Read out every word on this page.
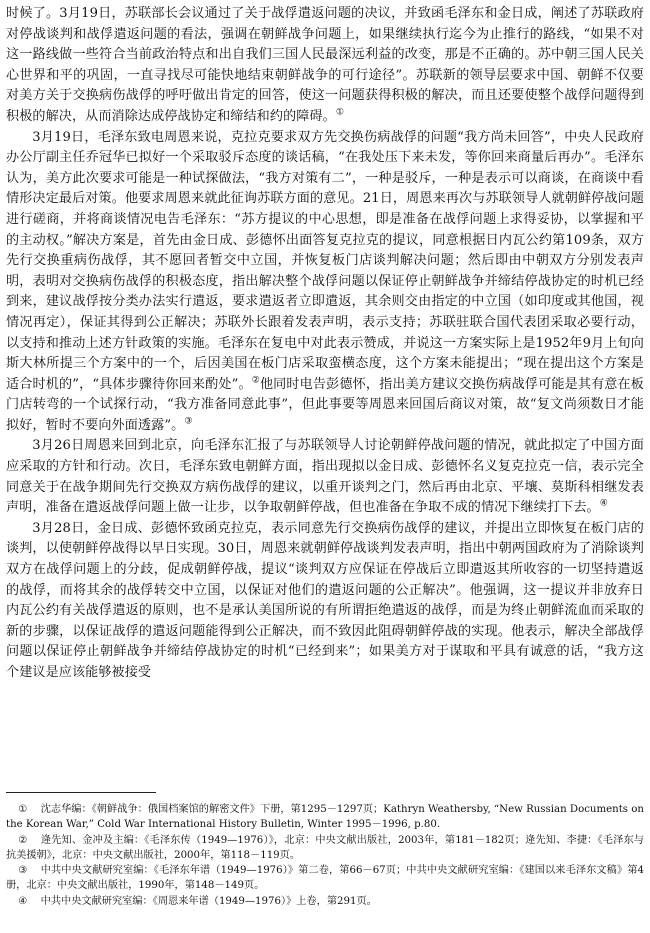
时候了。3月19日，苏联部长会议通过了关于战俘遣返问题的决议，并致函毛泽东和金日成，阐述了苏联政府对停战谈判和战俘遣返问题的看法，强调在朝鲜战争问题上，如果继续执行迄今为止推行的路线，“如果不对这一路线做一些符合当前政治特点和出自我们三国人民最深远利益的改变，那是不正确的。苏中朝三国人民关心世界和平的巩固，一直寻找尽可能快地结束朝鲜战争的可行途径”。苏联新的领导层要求中国、朝鲜不仅要对美方关于交换病伤战俘的呼吁做出肯定的回答，使这一问题获得积极的解决，而且还要使整个战俘问题得到积极的解决，从而消除达成停战协定和缔结和约的障碍。①

3月19日，毛泽东致电周恩来说，克拉克要求双方先交换伤病战俘的问题“我方尚未回答”，中央人民政府办公厅副主任乔冠华已拟好一个采取驳斥态度的谈话稿，“在我处压下来未发，等你回来商量后再办”。毛泽东认为，美方此次要求可能是一种试探做法，“我方对策有二”，一种是驳斥，一种是表示可以商谈，在商谈中看情形决定最后对策。他要求周恩来就此征询苏联方面的意见。21日，周恩来再次与苏联领导人就朝鲜停战问题进行磋商，并将商谈情况电告毛泽东：“苏方提议的中心思想，即是准备在战俘问题上求得妥协，以掌握和平的主动权。”解决方案是，首先由金日成、彭德怀出面答复克拉克的提议，同意根据日内瓦公约第109条，双方先行交换重病伤战俘，其不愿回者暂交中立国，并恢复板门店谈判解决问题；然后即由中朝双方分别发表声明，表明对交换病伤战俘的积极态度，指出解决整个战俘问题以保证停止朝鲜战争并缔结停战协定的时机已经到来，建议战俘按分类办法实行遣返，要求遣返者立即遣返，其余则交由指定的中立国（如印度或其他国，视情况再定），保证其得到公正解决；苏联外长跟着发表声明，表示支持；苏联驻联合国代表团采取必要行动，以支持和推动上述方针政策的实施。毛泽东在复电中对此表示赞成，并说这一方案实际上是1952年9月上旬向斯大林所提三个方案中的一个，后因美国在板门店采取蛮横态度，这个方案未能提出；“现在提出这个方案是适合时机的”，“具体步骤待你回来酌处”。②他同时电告彭德怀，指出美方建议交换伤病战俘可能是其有意在板门店转弯的一个试探行动，“我方准备同意此事”，但此事要等周恩来回国后商议对策，故“复文尚须数日才能拟好，暂时不要向外面透露”。③

3月26日周恩来回到北京，向毛泽东汇报了与苏联领导人讨论朝鲜停战问题的情况，就此拟定了中国方面应采取的方针和行动。次日，毛泽东致电朝鲜方面，指出现拟以金日成、彭德怀名义复克拉克一信，表示完全同意关于在战争期间先行交换双方病伤战俘的建议，以重开谈判之门，然后再由北京、平壤、莫斯科相继发表声明，准备在遣返战俘问题上做一让步，以争取朝鲜停战，但也准备在争取不成的情况下继续打下去。④

3月28日，金日成、彭德怀致函克拉克，表示同意先行交换病伤战俘的建议，并提出立即恢复在板门店的谈判，以使朝鲜停战得以早日实现。30日，周恩来就朝鲜停战谈判发表声明，指出中朝两国政府为了消除谈判双方在战俘问题上的分歧，促成朝鲜停战，提议“谈判双方应保证在停战后立即遣返其所收容的一切坚持遣返的战俘，而将其余的战俘转交中立国，以保证对他们的遣返问题的公正解决”。他强调，这一提议并非放弃日内瓦公约有关战俘遣返的原则，也不是承认美国所说的有所谓拒绝遣返的战俘，而是为终止朝鲜流血而采取的新的步骤，以保证战俘的遣返问题能得到公正解决，而不致因此阻碍朝鲜停战的实现。他表示，解决全部战俘问题以保证停止朝鲜战争并缔结停战协定的时机“已经到来”；如果美方对于谋取和平具有诚意的话，“我方这个建议是应该能够被接受

① 沈志华编：《朝鲜战争：俄国档案馆的解密文件》下册，第1295－1297页；Kathryn Weathersby, “New Russian Documents on the Korean War,” Cold War International History Bulletin, Winter 1995－1996, p.80.

② 逄先知、金冲及主编：《毛泽东传（1949—1976）》，北京：中央文献出版社，2003年，第181－182页；逄先知、李捷：《毛泽东与抗美援朝》，北京：中央文献出版社，2000年，第118－119页。

③ 中共中央文献研究室编：《毛泽东年谱（1949—1976）》第二卷，第66－67页；中共中央文献研究室编：《建国以来毛泽东文稿》第4册，北京：中央文献出版社，1990年，第148－149页。

④ 中共中央文献研究室编：《周恩来年谱（1949—1976）》上卷，第291页。
